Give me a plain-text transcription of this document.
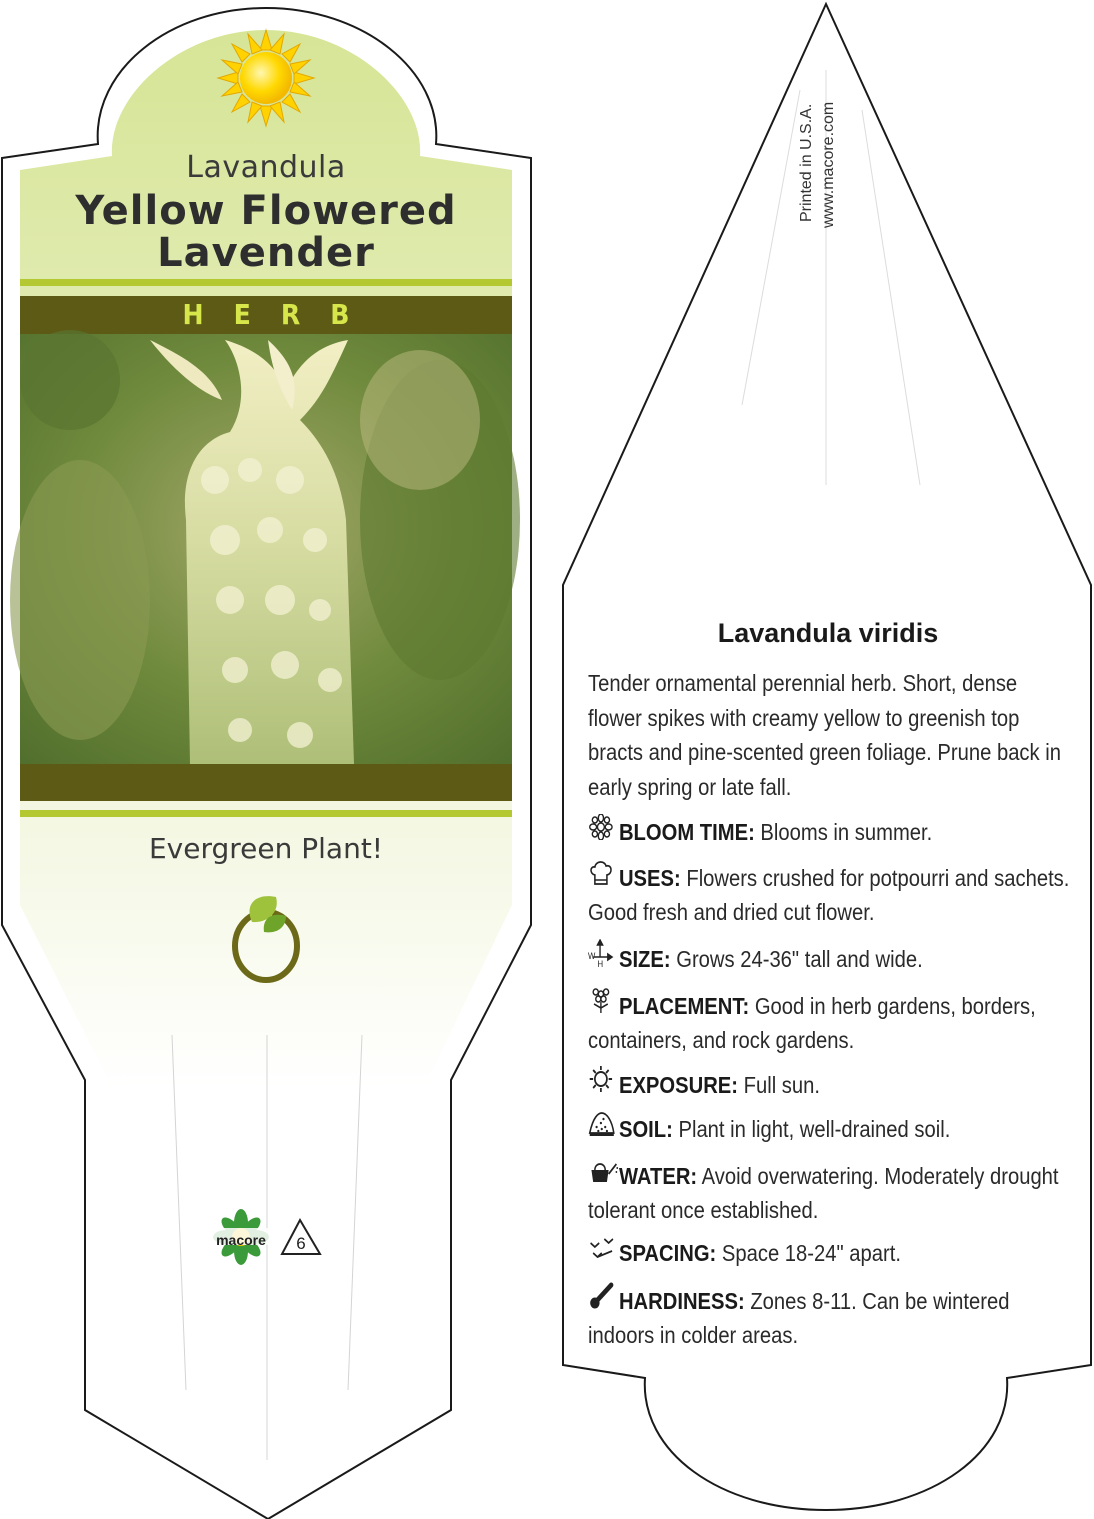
Lavandula
Yellow Flowered
Lavender
HERB
Evergreen Plant!
macore	6
Printed in U.S.A. www.macore.com
Lavandula viridis
Tender ornamental perennial herb. Short, dense flower spikes with creamy yellow to greenish top bracts and pine-scented green foliage. Prune back in early spring or late fall.
BLOOM TIME: Blooms in summer.
USES: Flowers crushed for potpourri and sachets. Good fresh and dried cut flower.
W
H SIZE: Grows 24-36" tall and wide.
PLACEMENT: Good in herb gardens, borders, containers, and rock gardens.
EXPOSURE: Full sun.
SOIL: Plant in light, well-drained soil.
WATER: Avoid overwatering. Moderately drought tolerant once established.
SPACING: Space 18-24" apart.
HARDINESS: Zones 8-11. Can be wintered indoors in colder areas.
